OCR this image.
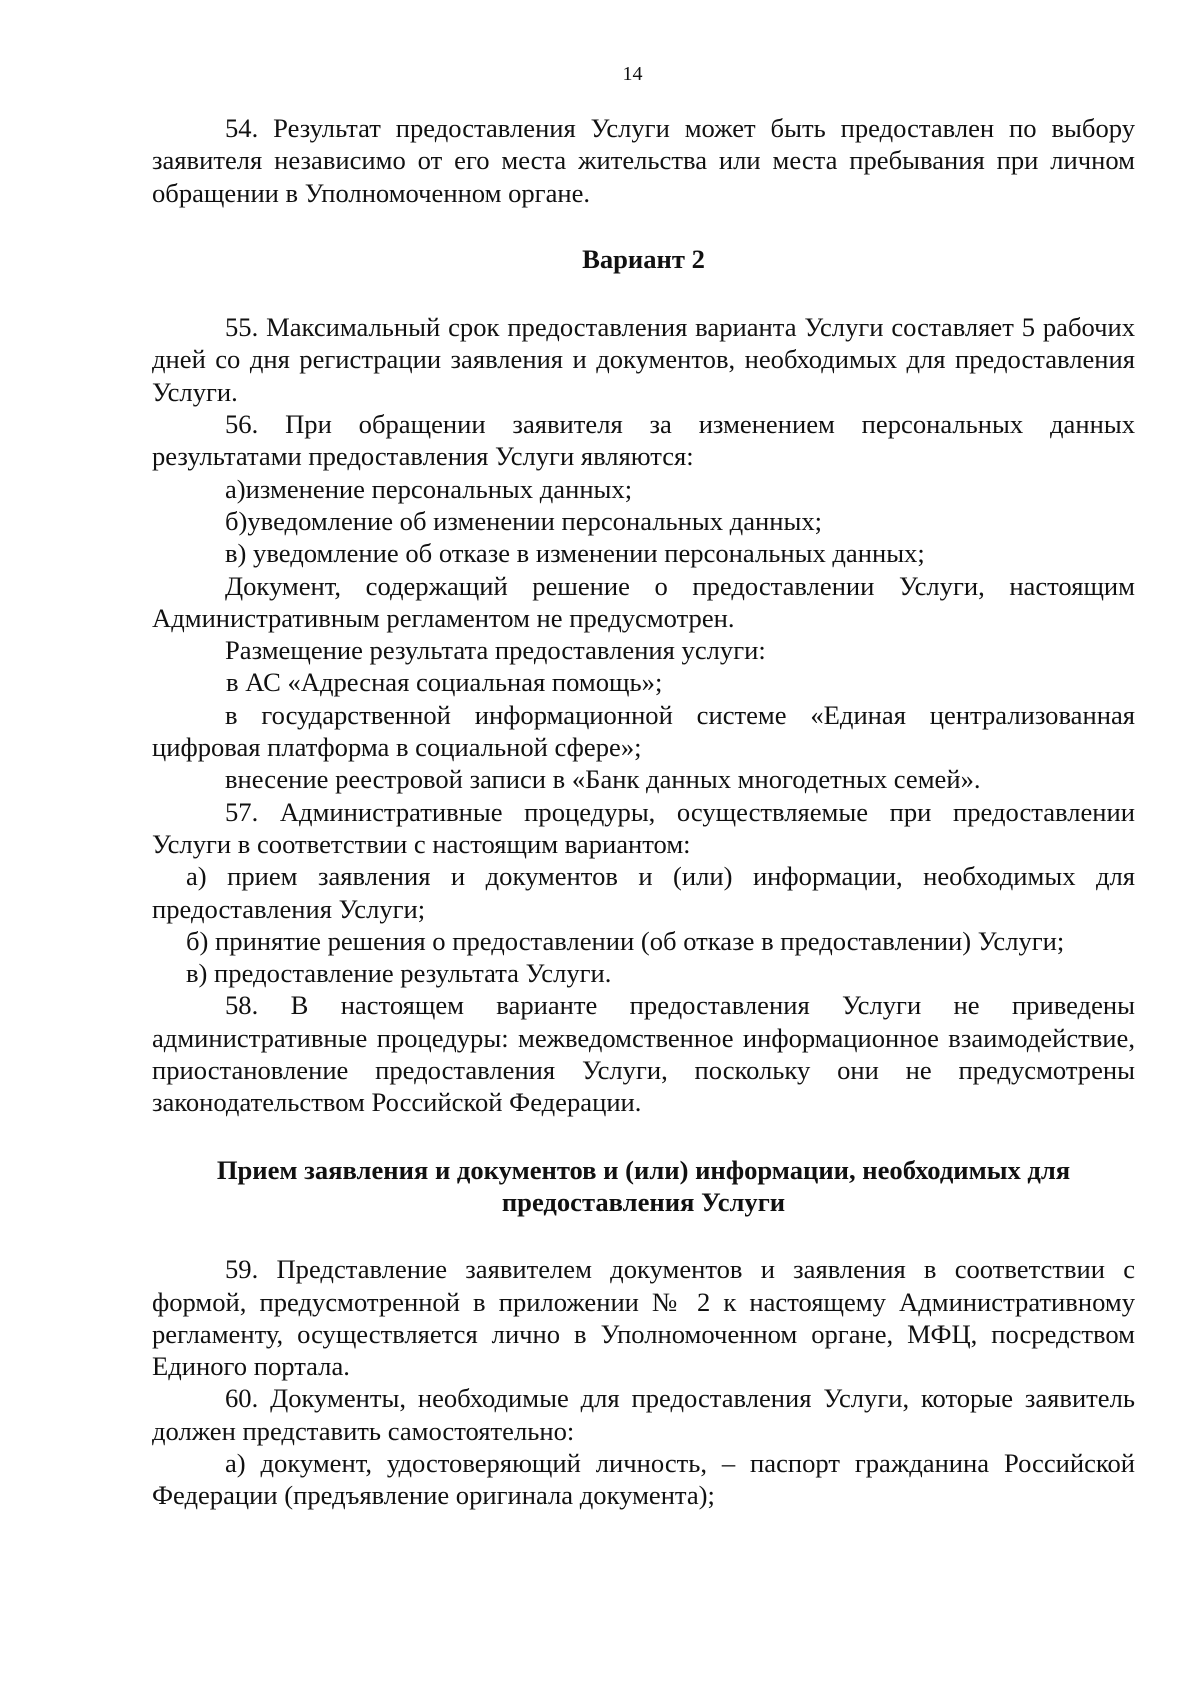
14

54. Результат предоставления Услуги может быть предоставлен по выбору заявителя независимо от его места жительства или места пребывания при личном обращении в Уполномоченном органе.

Вариант 2

55. Максимальный срок предоставления варианта Услуги составляет 5 рабочих дней со дня регистрации заявления и документов, необходимых для предоставления Услуги.

56. При обращении заявителя за изменением персональных данных результатами предоставления Услуги являются:

а)изменение персональных данных;

б)уведомление об изменении персональных данных;

в) уведомление об отказе в изменении персональных данных;

Документ, содержащий решение о предоставлении Услуги, настоящим Административным регламентом не предусмотрен.

Размещение результата предоставления услуги:

в АС «Адресная социальная помощь»;

в государственной информационной системе «Единая централизованная цифровая платформа в социальной сфере»;

внесение реестровой записи в «Банк данных многодетных семей».

57. Административные процедуры, осуществляемые при предоставлении Услуги в соответствии с настоящим вариантом:

а) прием заявления и документов и (или) информации, необходимых для предоставления Услуги;

б) принятие решения о предоставлении (об отказе в предоставлении) Услуги;

в) предоставление результата Услуги.

58. В настоящем варианте предоставления Услуги не приведены административные процедуры: межведомственное информационное взаимодействие, приостановление предоставления Услуги, поскольку они не предусмотрены законодательством Российской Федерации.

Прием заявления и документов и (или) информации, необходимых для предоставления Услуги

59. Представление заявителем документов и заявления в соответствии с формой, предусмотренной в приложении № 2 к настоящему Административному регламенту, осуществляется лично в Уполномоченном органе, МФЦ, посредством Единого портала.

60. Документы, необходимые для предоставления Услуги, которые заявитель должен представить самостоятельно:

а) документ, удостоверяющий личность, – паспорт гражданина Российской Федерации (предъявление оригинала документа);
